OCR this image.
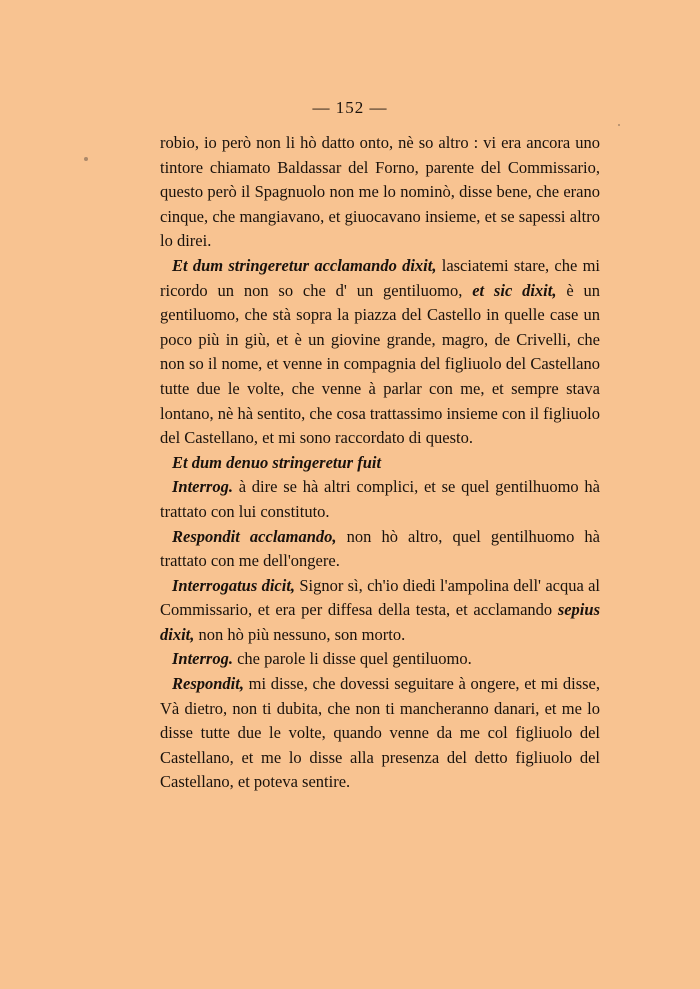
— 152 —

robio, io però non li hò datto onto, nè so altro : vi era ancora uno tintore chiamato Baldassar del Forno, parente del Commissario, questo però il Spagnuolo non me lo nominò, disse bene, che erano cinque, che mangiavano, et giuocavano insieme, et se sapessi altro lo direi.

Et dum stringeretur acclamando dixit, lasciatemi stare, che mi ricordo un non so che d' un gentiluomo, et sic dixit, è un gentiluomo, che stà sopra la piazza del Castello in quelle case un poco più in giù, et è un giovine grande, magro, de Crivelli, che non so il nome, et venne in compagnia del figliuolo del Castellano tutte due le volte, che venne à parlar con me, et sempre stava lontano, nè hà sentito, che cosa trattassimo insieme con il figliuolo del Castellano, et mi sono raccordato di questo.

Et dum denuo stringeretur fuit

Interrog. à dire se hà altri complici, et se quel gentilhuomo hà trattato con lui constituto.

Respondit acclamando, non hò altro, quel gentilhuomo hà trattato con me dell'ongere.

Interrogatus dicit, Signor sì, ch'io diedi l'ampolina dell' acqua al Commissario, et era per diffesa della testa, et acclamando sepius dixit, non hò più nessuno, son morto.

Interrog. che parole li disse quel gentiluomo.

Respondit, mi disse, che dovessi seguitare à ongere, et mi disse, Và dietro, non ti dubita, che non ti mancheranno danari, et me lo disse tutte due le volte, quando venne da me col figliuolo del Castellano, et me lo disse alla presenza del detto figliuolo del Castellano, et poteva sentire.
